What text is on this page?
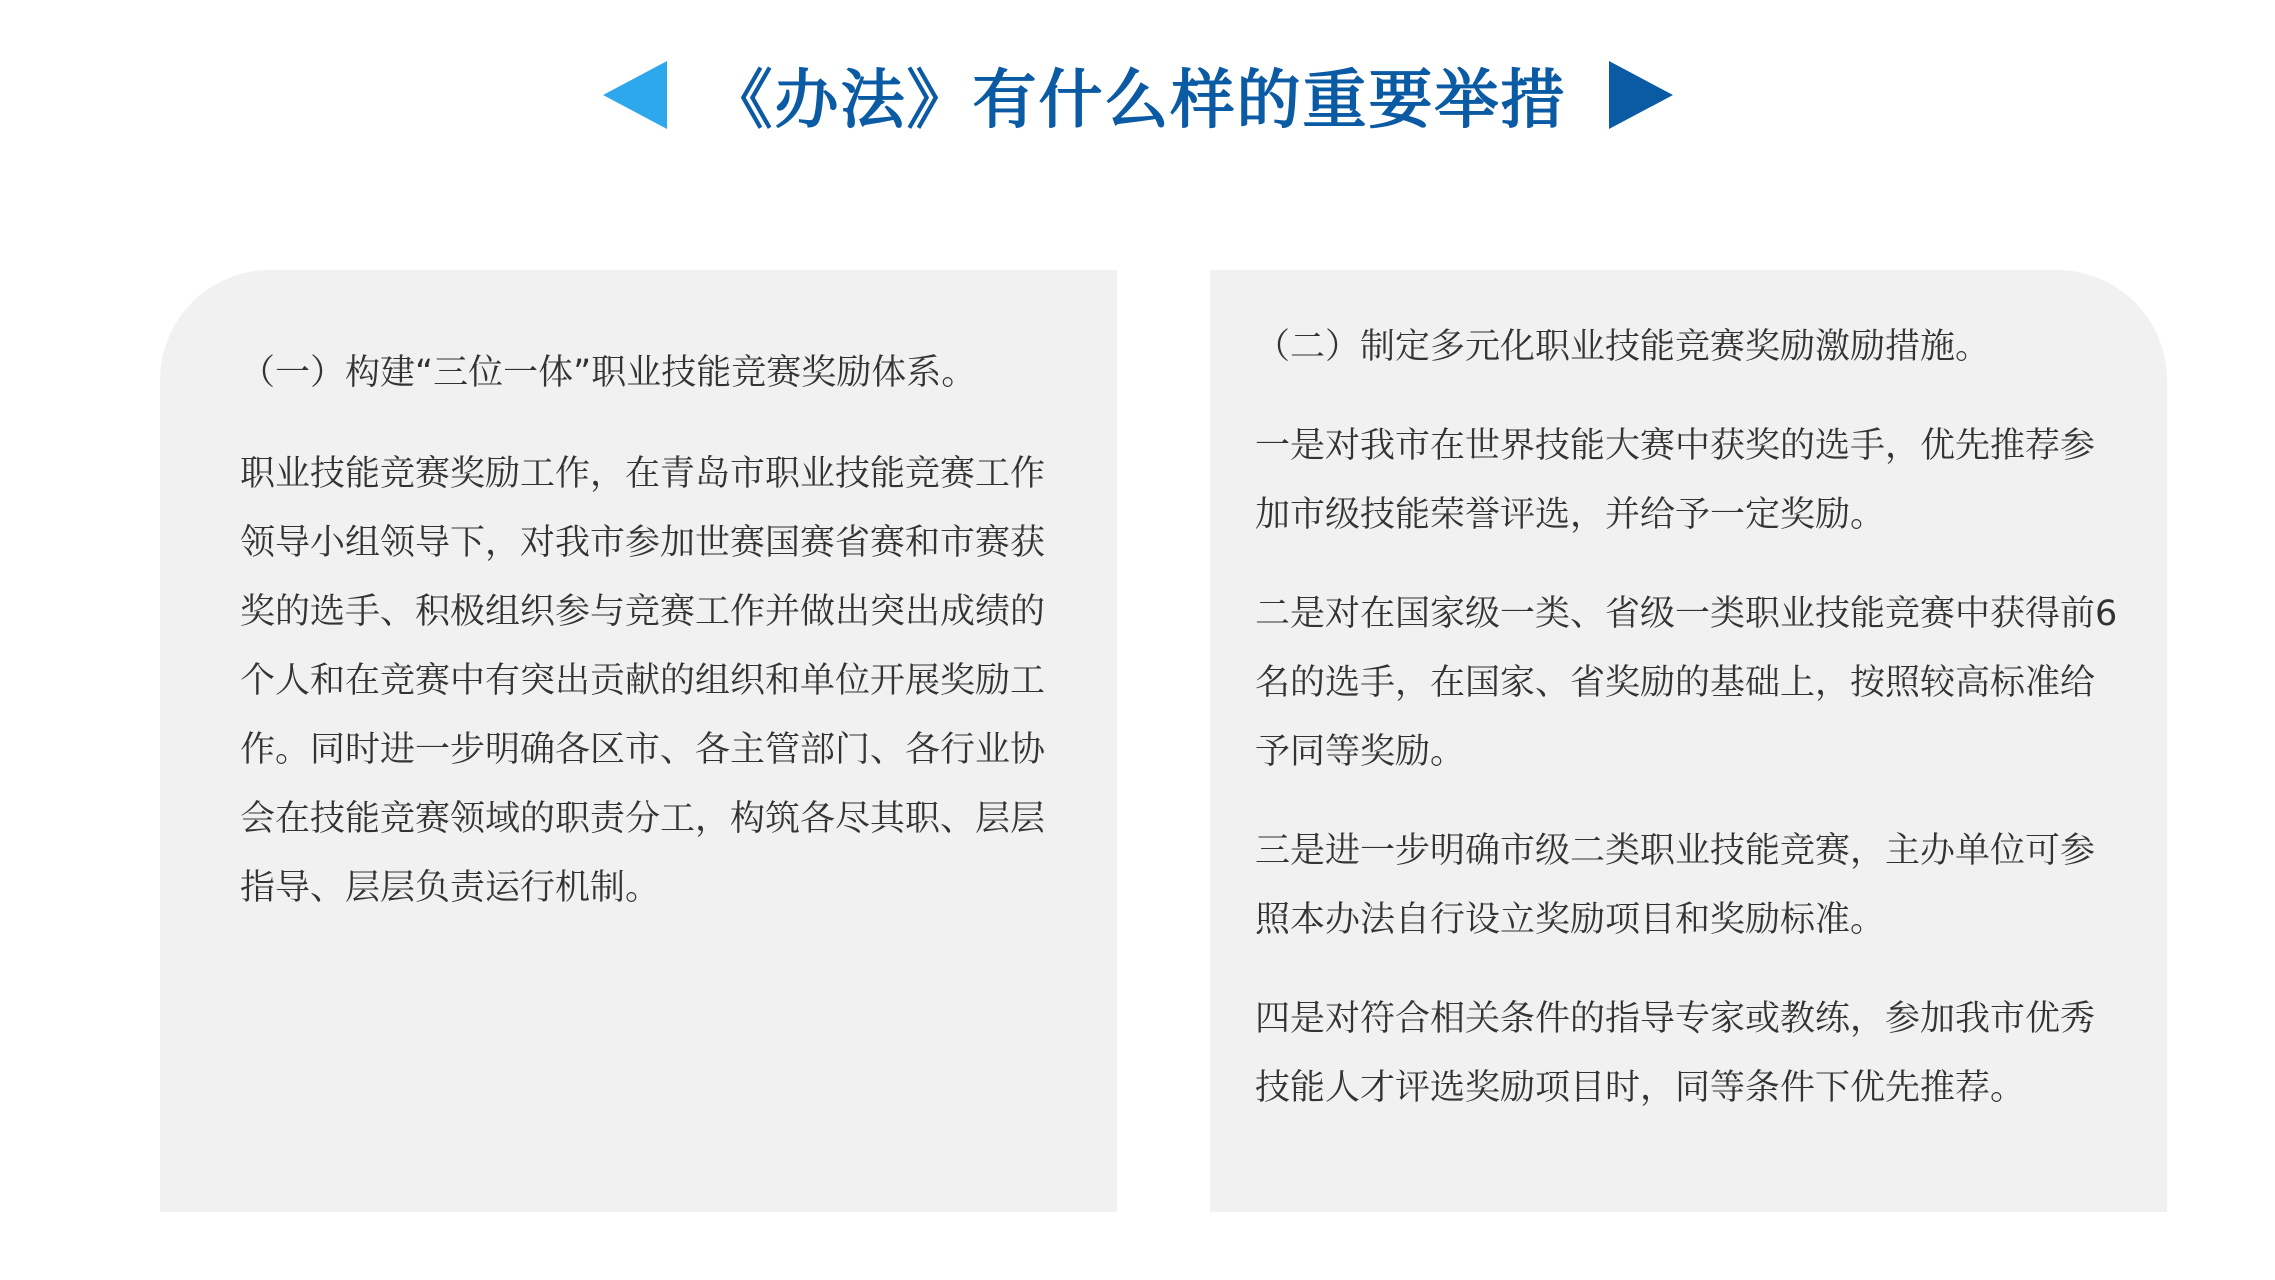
《办法》有什么样的重要举措
（一）构建“三位一体”职业技能竞赛奖励体系。

职业技能竞赛奖励工作，在青岛市职业技能竞赛工作领导小组领导下，对我市参加世赛国赛省赛和市赛获奖的选手、积极组织参与竞赛工作并做出突出成绩的个人和在竞赛中有突出贡献的组织和单位开展奖励工作。同时进一步明确各区市、各主管部门、各行业协会在技能竞赛领域的职责分工，构筑各尽其职、层层指导、层层负责运行机制。

（二）制定多元化职业技能竞赛奖励激励措施。

一是对我市在世界技能大赛中获奖的选手，优先推荐参加市级技能荣誉评选，并给予一定奖励。

二是对在国家级一类、省级一类职业技能竞赛中获得前6名的选手，在国家、省奖励的基础上，按照较高标准给予同等奖励。

三是进一步明确市级二类职业技能竞赛，主办单位可参照本办法自行设立奖励项目和奖励标准。

四是对符合相关条件的指导专家或教练，参加我市优秀技能人才评选奖励项目时，同等条件下优先推荐。
